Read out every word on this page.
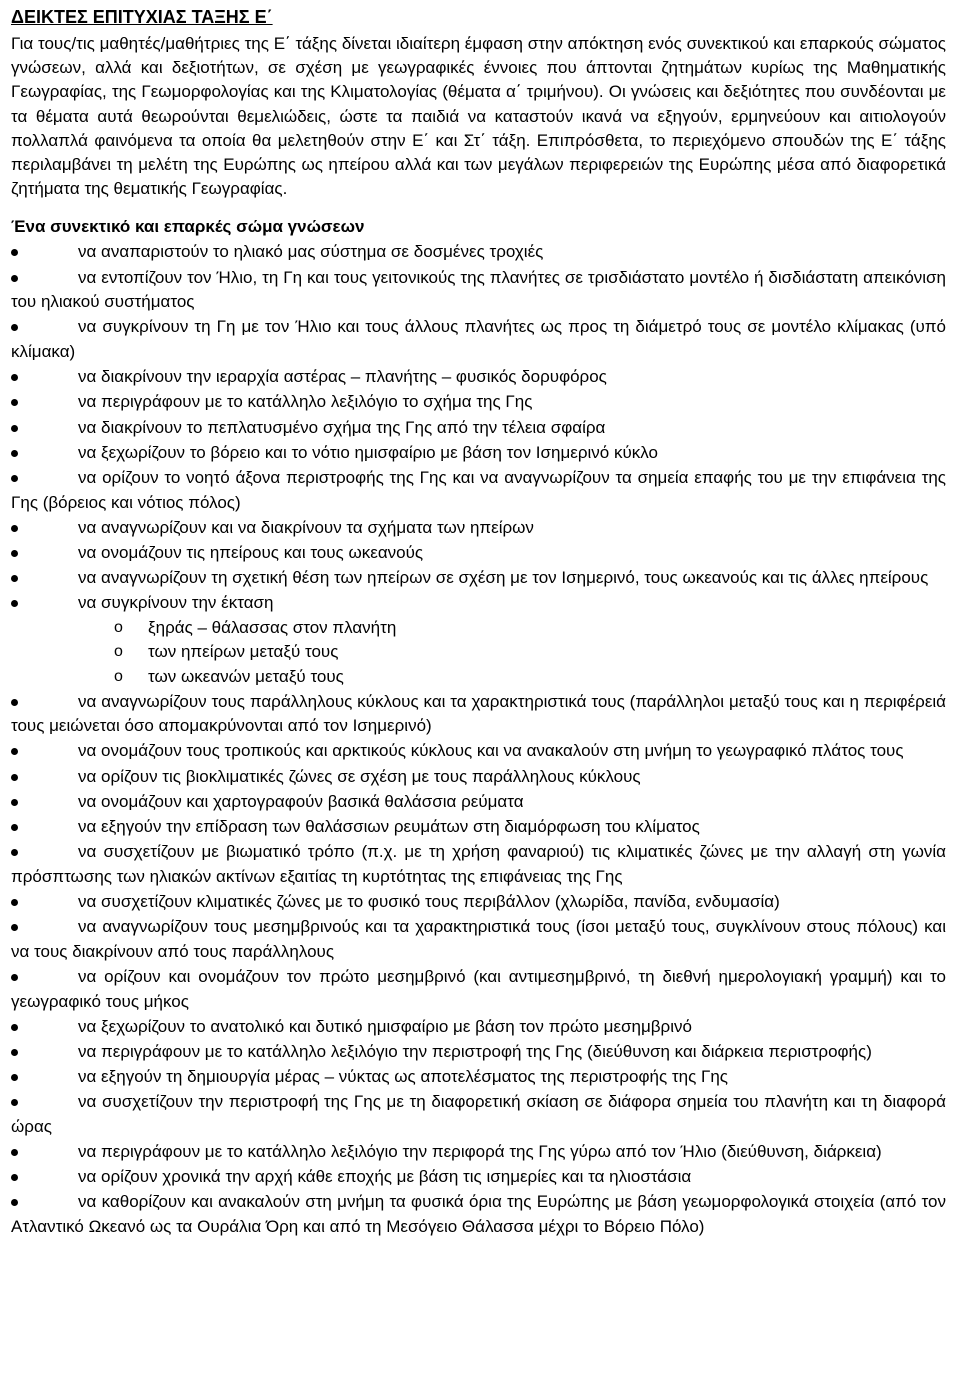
ΔΕΙΚΤΕΣ ΕΠΙΤΥΧΙΑΣ ΤΑΞΗΣ Ε΄

Για τους/τις μαθητές/μαθήτριες της Ε΄ τάξης δίνεται ιδιαίτερη έμφαση στην απόκτηση ενός συνεκτικού και επαρκούς σώματος γνώσεων, αλλά και δεξιοτήτων, σε σχέση με γεωγραφικές έννοιες που άπτονται ζητημάτων κυρίως της Μαθηματικής Γεωγραφίας, της Γεωμορφολογίας και της Κλιματολογίας (θέματα α΄ τριμήνου). Οι γνώσεις και δεξιότητες που συνδέονται με τα θέματα αυτά θεωρούνται θεμελιώδεις, ώστε τα παιδιά να καταστούν ικανά να εξηγούν, ερμηνεύουν και αιτιολογούν πολλαπλά φαινόμενα τα οποία θα μελετηθούν στην Ε΄ και Στ΄ τάξη. Επιπρόσθετα, το περιεχόμενο σπουδών της Ε΄ τάξης περιλαμβάνει τη μελέτη της Ευρώπης ως ηπείρου αλλά και των μεγάλων περιφερειών της Ευρώπης μέσα από διαφορετικά ζητήματα της θεματικής Γεωγραφίας.

Ένα συνεκτικό και επαρκές σώμα γνώσεων
να αναπαριστούν το ηλιακό μας σύστημα σε δοσμένες τροχιές
να εντοπίζουν τον Ήλιο, τη Γη και τους γειτονικούς της πλανήτες σε τρισδιάστατο μοντέλο ή δισδιάστατη απεικόνιση του ηλιακού συστήματος
να συγκρίνουν τη Γη με τον Ήλιο και τους άλλους πλανήτες ως προς τη διάμετρό τους σε μοντέλο κλίμακας (υπό κλίμακα)
να διακρίνουν την ιεραρχία αστέρας – πλανήτης – φυσικός δορυφόρος
να περιγράφουν με το κατάλληλο λεξιλόγιο το σχήμα της Γης
να διακρίνουν το πεπλατυσμένο σχήμα της Γης από την τέλεια σφαίρα
να ξεχωρίζουν το βόρειο και το νότιο ημισφαίριο με βάση τον Ισημερινό κύκλο
να ορίζουν το νοητό άξονα περιστροφής της Γης και να αναγνωρίζουν τα σημεία επαφής του με την επιφάνεια της Γης (βόρειος και νότιος πόλος)
να αναγνωρίζουν και να διακρίνουν τα σχήματα των ηπείρων
να ονομάζουν τις ηπείρους και τους ωκεανούς
να αναγνωρίζουν τη σχετική θέση των ηπείρων σε σχέση με τον Ισημερινό, τους ωκεανούς και τις άλλες ηπείρους
να συγκρίνουν την έκταση
o ξηράς – θάλασσας στον πλανήτη
o των ηπείρων μεταξύ τους
o των ωκεανών μεταξύ τους
να αναγνωρίζουν τους παράλληλους κύκλους και τα χαρακτηριστικά τους (παράλληλοι μεταξύ τους και η περιφέρειά τους μειώνεται όσο απομακρύνονται από τον Ισημερινό)
να ονομάζουν τους τροπικούς και αρκτικούς κύκλους και να ανακαλούν στη μνήμη το γεωγραφικό πλάτος τους
να ορίζουν τις βιοκλιματικές ζώνες σε σχέση με τους παράλληλους κύκλους
να ονομάζουν και χαρτογραφούν βασικά θαλάσσια ρεύματα
να εξηγούν την επίδραση των θαλάσσιων ρευμάτων στη διαμόρφωση του κλίματος
να συσχετίζουν με βιωματικό τρόπο (π.χ. με τη χρήση φαναριού) τις κλιματικές ζώνες με την αλλαγή στη γωνία πρόσπτωσης των ηλιακών ακτίνων εξαιτίας τη κυρτότητας της επιφάνειας της Γης
να συσχετίζουν κλιματικές ζώνες με το φυσικό τους περιβάλλον (χλωρίδα, πανίδα, ενδυμασία)
να αναγνωρίζουν τους μεσημβρινούς και τα χαρακτηριστικά τους (ίσοι μεταξύ τους, συγκλίνουν στους πόλους) και να τους διακρίνουν από τους παράλληλους
να ορίζουν και ονομάζουν τον πρώτο μεσημβρινό (και αντιμεσημβρινό, τη διεθνή ημερολογιακή γραμμή) και το γεωγραφικό τους μήκος
να ξεχωρίζουν το ανατολικό και δυτικό ημισφαίριο με βάση τον πρώτο μεσημβρινό
να περιγράφουν με το κατάλληλο λεξιλόγιο την περιστροφή της Γης (διεύθυνση και διάρκεια περιστροφής)
να εξηγούν τη δημιουργία μέρας – νύκτας ως αποτελέσματος της περιστροφής της Γης
να συσχετίζουν την περιστροφή της Γης με τη διαφορετική σκίαση σε διάφορα σημεία του πλανήτη και τη διαφορά ώρας
να περιγράφουν με το κατάλληλο λεξιλόγιο την περιφορά της Γης γύρω από τον Ήλιο (διεύθυνση, διάρκεια)
να ορίζουν χρονικά την αρχή κάθε εποχής με βάση τις ισημερίες και τα ηλιοστάσια
να καθορίζουν και ανακαλούν στη μνήμη τα φυσικά όρια της Ευρώπης με βάση γεωμορφολογικά στοιχεία (από τον Ατλαντικό Ωκεανό ως τα Ουράλια Όρη και από τη Μεσόγειο Θάλασσα μέχρι το Βόρειο Πόλο)
